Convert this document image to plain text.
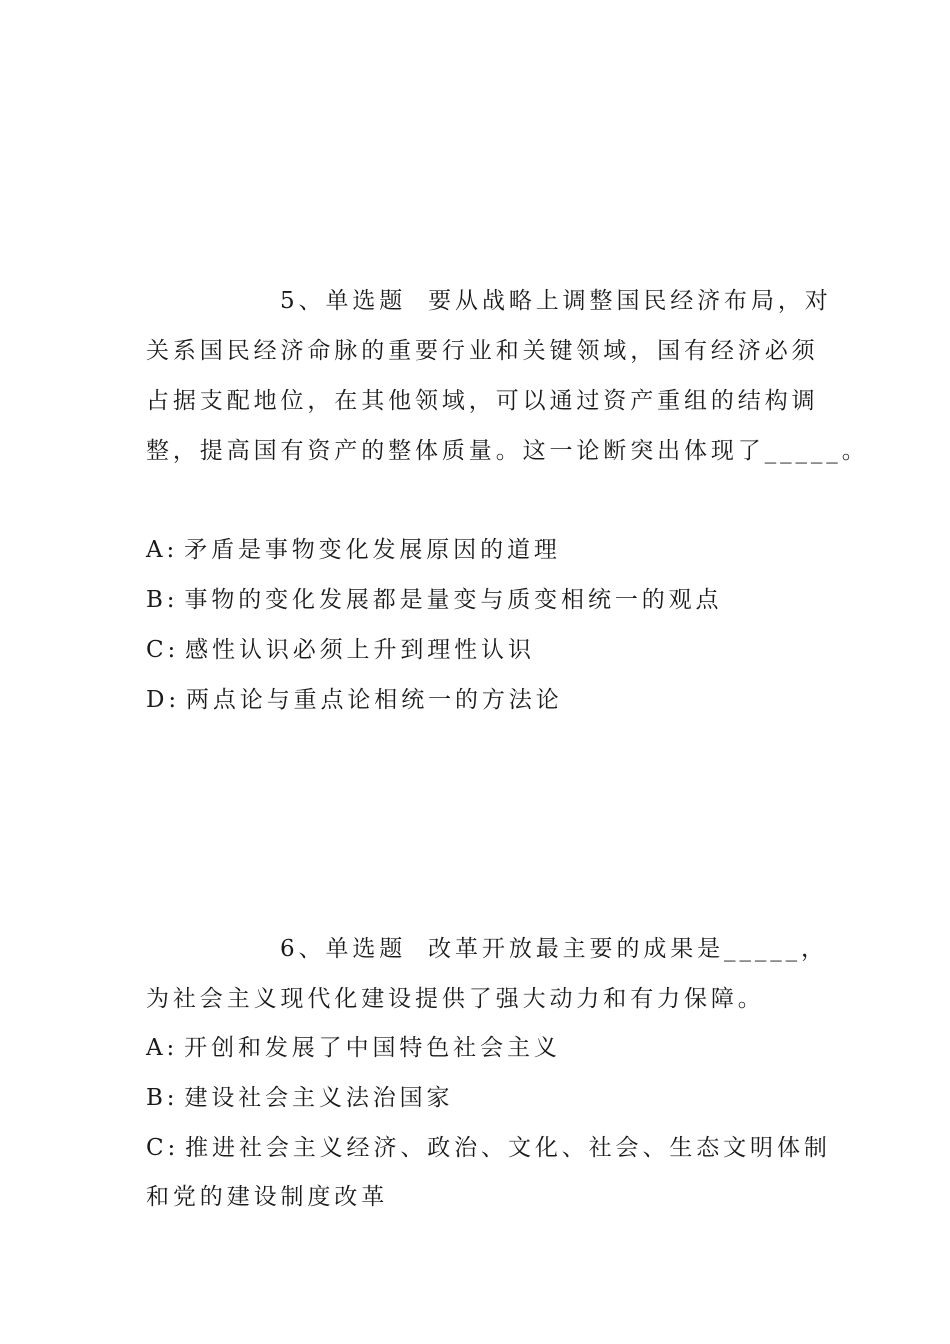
5、单选题 要从战略上调整国民经济布局，对
关系国民经济命脉的重要行业和关键领域，国有经济必须
占据支配地位，在其他领域，可以通过资产重组的结构调
整，提高国有资产的整体质量。这一论断突出体现了_____。
A: 矛盾是事物变化发展原因的道理
B: 事物的变化发展都是量变与质变相统一的观点
C: 感性认识必须上升到理性认识
D: 两点论与重点论相统一的方法论
6、单选题 改革开放最主要的成果是_____，
为社会主义现代化建设提供了强大动力和有力保障。
A: 开创和发展了中国特色社会主义
B: 建设社会主义法治国家
C: 推进社会主义经济、政治、文化、社会、生态文明体制
和党的建设制度改革
